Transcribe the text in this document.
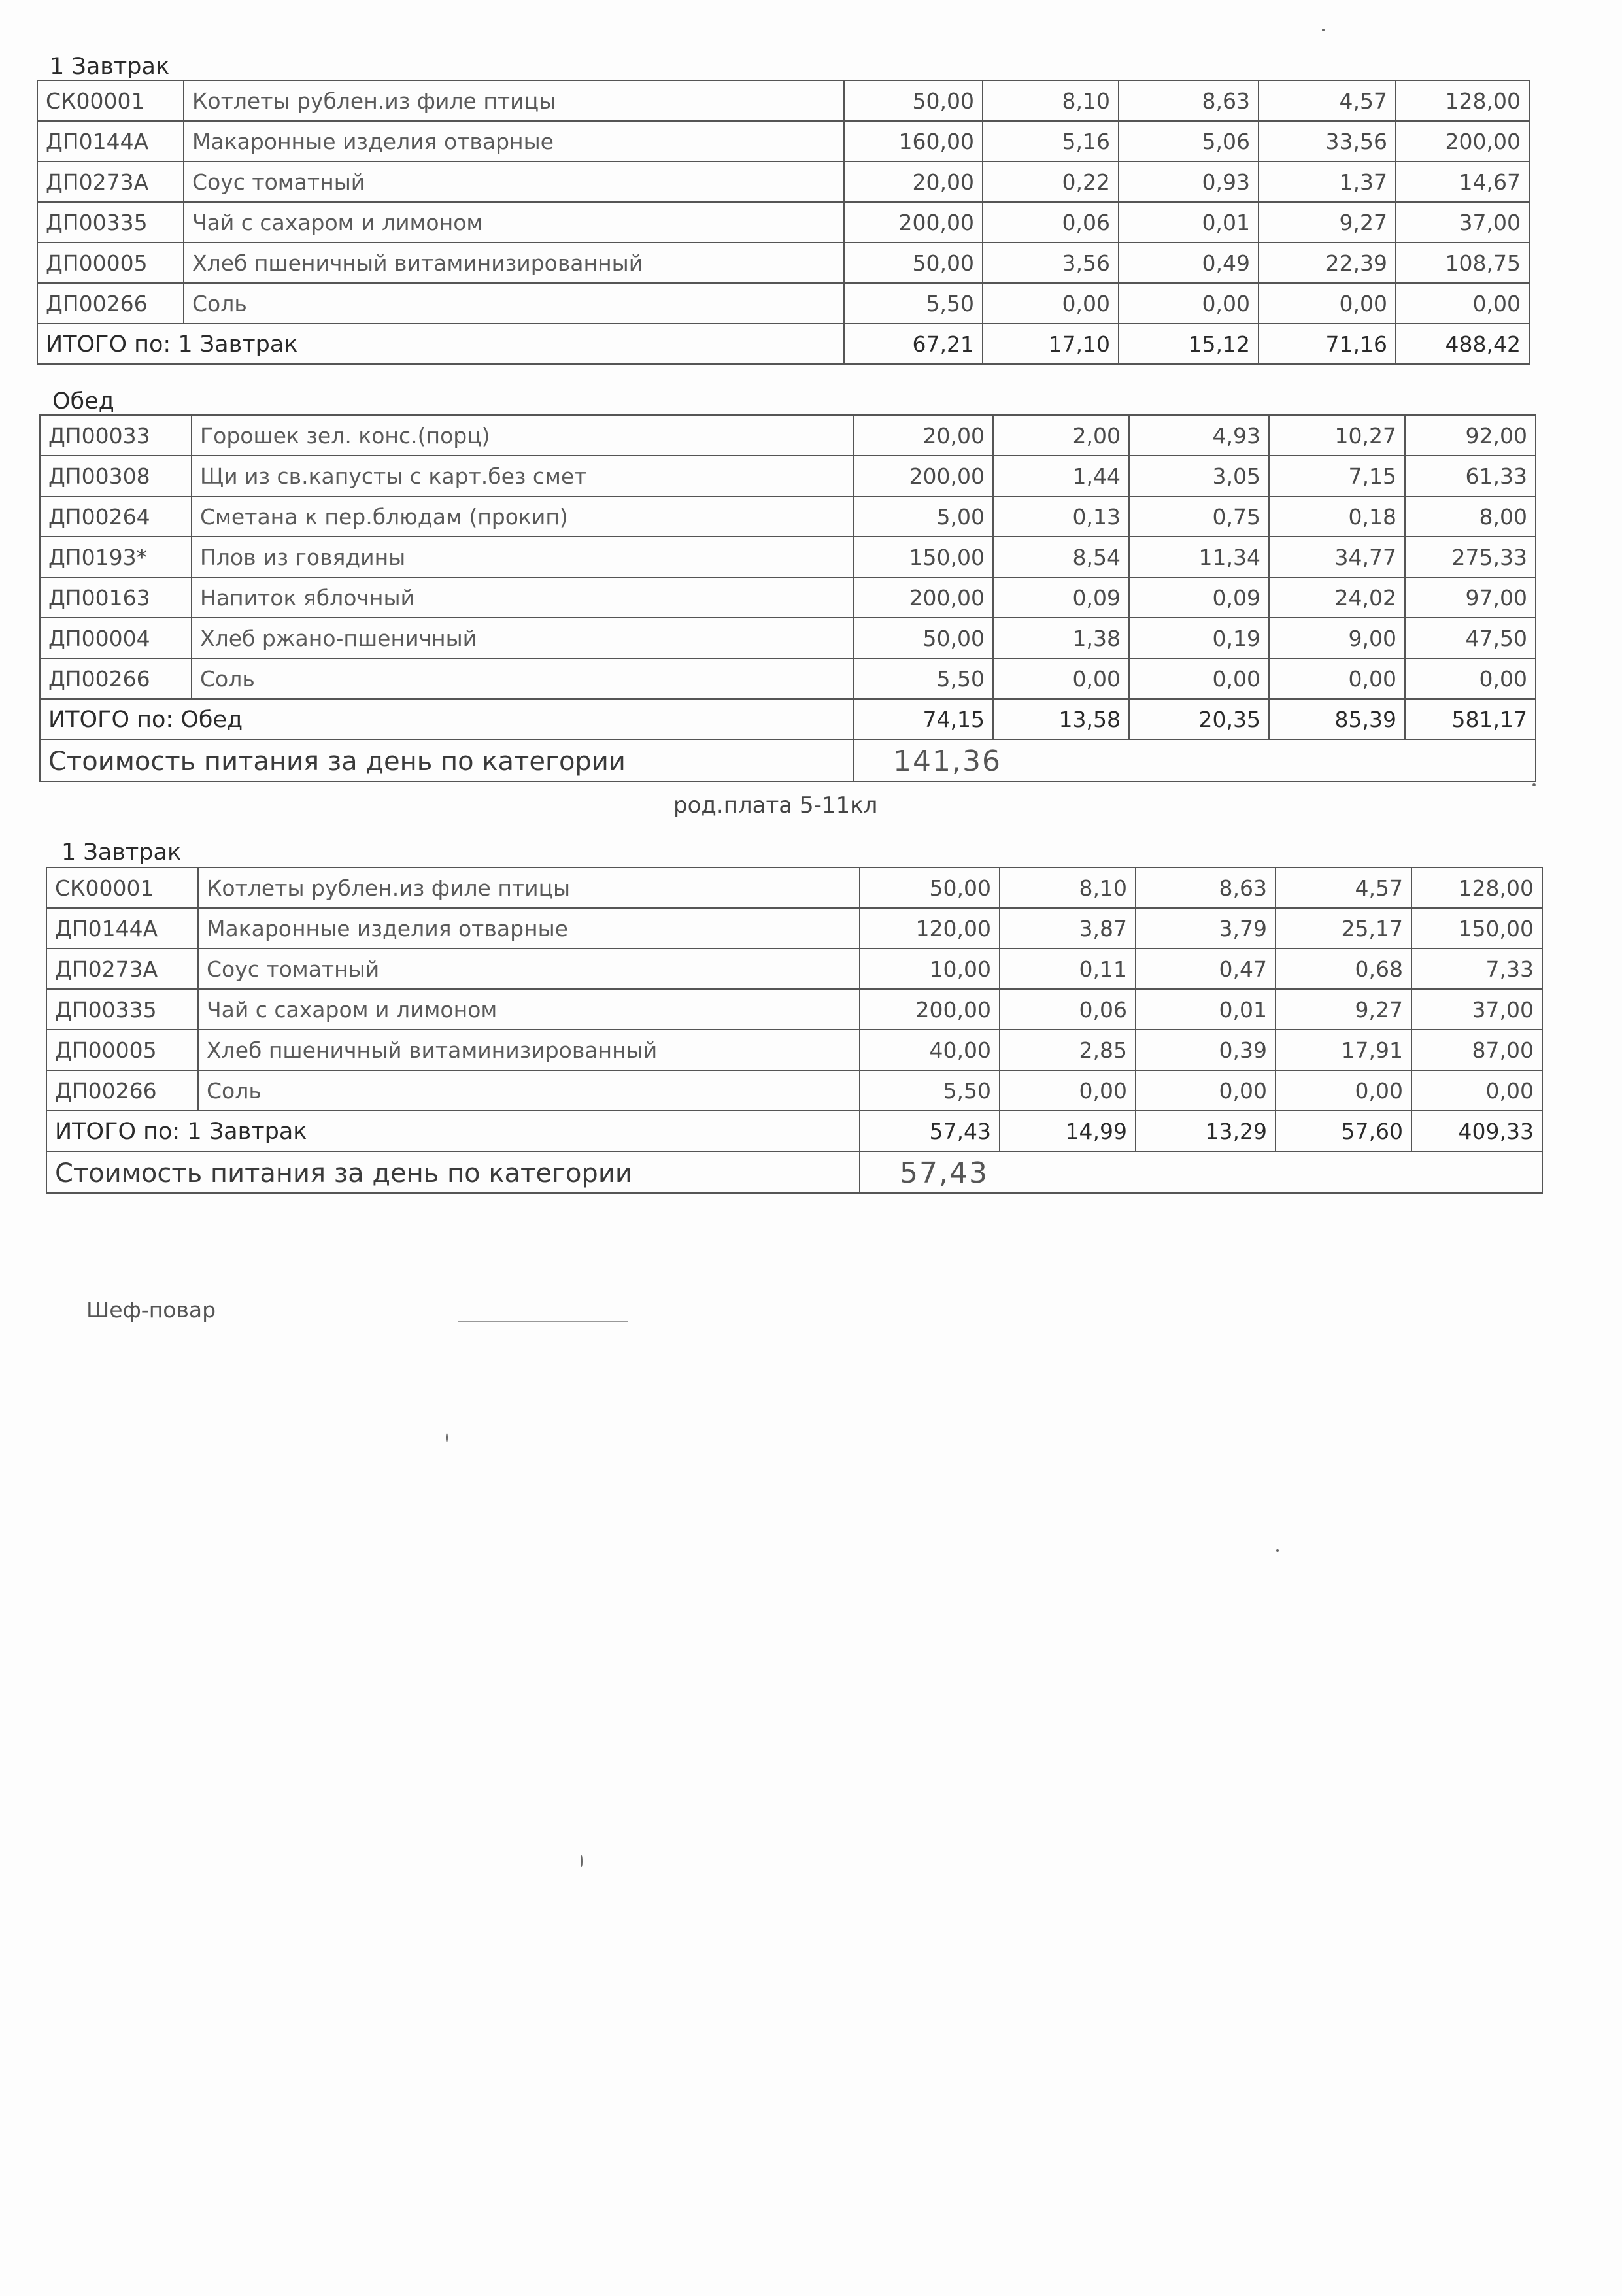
1 Завтрак
СК00001	Котлеты рублен.из филе птицы	50,00	8,10	8,63	4,57	128,00
ДП0144А	Макаронные изделия отварные	160,00	5,16	5,06	33,56	200,00
ДП0273А	Соус томатный	20,00	0,22	0,93	1,37	14,67
ДП00335	Чай с сахаром и лимоном	200,00	0,06	0,01	9,27	37,00
ДП00005	Хлеб пшеничный витаминизированный	50,00	3,56	0,49	22,39	108,75
ДП00266	Соль	5,50	0,00	0,00	0,00	0,00
ИТОГО по: 1 Завтрак		67,21	17,10	15,12	71,16	488,42
Обед
ДП00033	Горошек зел. конс.(порц)	20,00	2,00	4,93	10,27	92,00
ДП00308	Щи из св.капусты с карт.без смет	200,00	1,44	3,05	7,15	61,33
ДП00264	Сметана к пер.блюдам (прокип)	5,00	0,13	0,75	0,18	8,00
ДП0193*	Плов из говядины	150,00	8,54	11,34	34,77	275,33
ДП00163	Напиток яблочный	200,00	0,09	0,09	24,02	97,00
ДП00004	Хлеб ржано-пшеничный	50,00	1,38	0,19	9,00	47,50
ДП00266	Соль	5,50	0,00	0,00	0,00	0,00
ИТОГО по: Обед		74,15	13,58	20,35	85,39	581,17
Стоимость питания за день по категории		141,36				
род.плата 5-11кл
1 Завтрак
СК00001	Котлеты рублен.из филе птицы	50,00	8,10	8,63	4,57	128,00
ДП0144А	Макаронные изделия отварные	120,00	3,87	3,79	25,17	150,00
ДП0273А	Соус томатный	10,00	0,11	0,47	0,68	7,33
ДП00335	Чай с сахаром и лимоном	200,00	0,06	0,01	9,27	37,00
ДП00005	Хлеб пшеничный витаминизированный	40,00	2,85	0,39	17,91	87,00
ДП00266	Соль	5,50	0,00	0,00	0,00	0,00
ИТОГО по: 1 Завтрак		57,43	14,99	13,29	57,60	409,33
Стоимость питания за день по категории		57,43				
Шеф-повар
